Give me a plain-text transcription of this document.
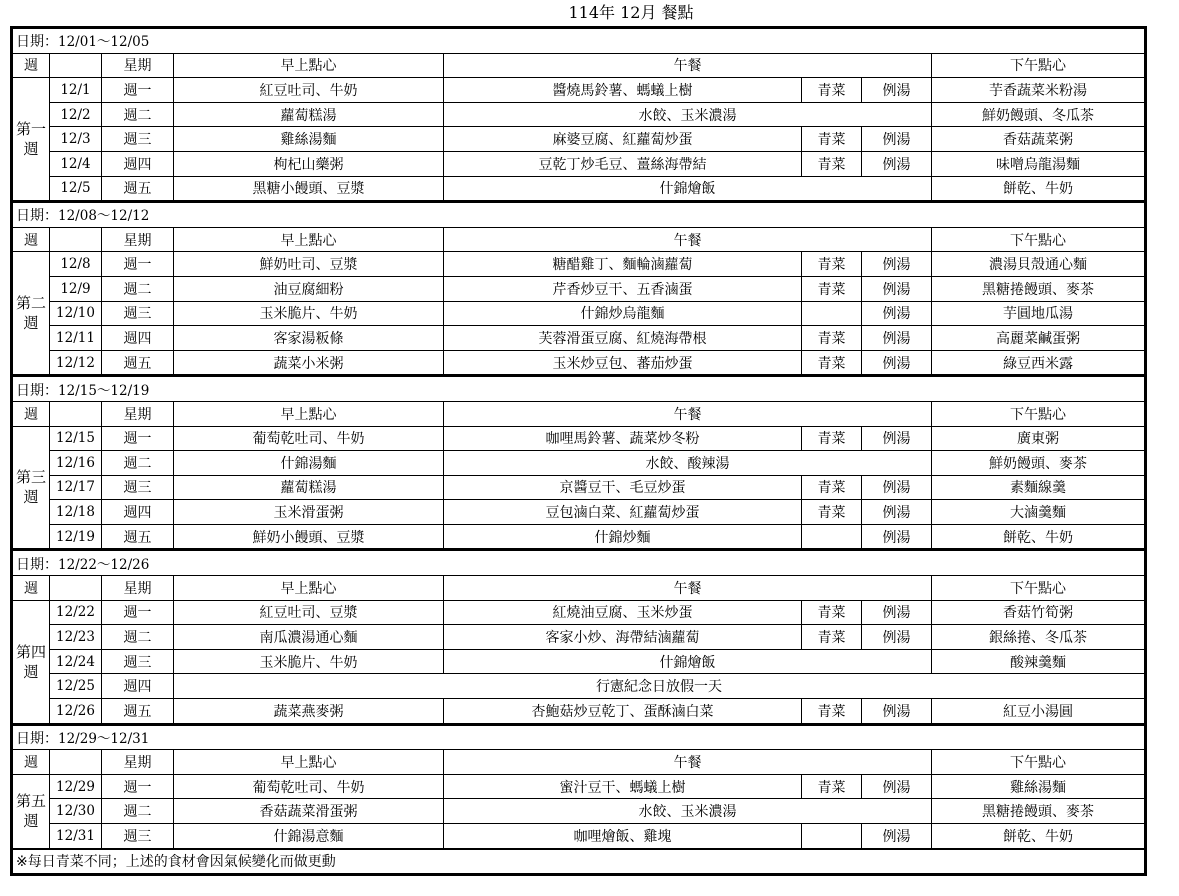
114年 12月 餐點
日期：12/01～12/05							
週		星期	早上點心	午餐			下午點心
第一週	12/1	週一	紅豆吐司、牛奶	醬燒馬鈴薯、螞蟻上樹	青菜	例湯	芋香蔬菜米粉湯
	12/2	週二	蘿蔔糕湯	水餃、玉米濃湯			鮮奶饅頭、冬瓜茶
	12/3	週三	雞絲湯麵	麻婆豆腐、紅蘿蔔炒蛋	青菜	例湯	香菇蔬菜粥
	12/4	週四	枸杞山藥粥	豆乾丁炒毛豆、薑絲海帶結	青菜	例湯	味噌烏龍湯麵
	12/5	週五	黑糖小饅頭、豆漿	什錦燴飯			餅乾、牛奶
日期：12/08～12/12							
週		星期	早上點心	午餐			下午點心
第二週	12/8	週一	鮮奶吐司、豆漿	糖醋雞丁、麵輪滷蘿蔔	青菜	例湯	濃湯貝殼通心麵
	12/9	週二	油豆腐細粉	芹香炒豆干、五香滷蛋	青菜	例湯	黑糖捲饅頭、麥茶
	12/10	週三	玉米脆片、牛奶	什錦炒烏龍麵		例湯	芋圓地瓜湯
	12/11	週四	客家湯粄條	芙蓉滑蛋豆腐、紅燒海帶根	青菜	例湯	高麗菜鹹蛋粥
	12/12	週五	蔬菜小米粥	玉米炒豆包、蕃茄炒蛋	青菜	例湯	綠豆西米露
日期：12/15～12/19							
週		星期	早上點心	午餐			下午點心
第三週	12/15	週一	葡萄乾吐司、牛奶	咖哩馬鈴薯、蔬菜炒冬粉	青菜	例湯	廣東粥
	12/16	週二	什錦湯麵	水餃、酸辣湯			鮮奶饅頭、麥茶
	12/17	週三	蘿蔔糕湯	京醬豆干、毛豆炒蛋	青菜	例湯	素麵線羹
	12/18	週四	玉米滑蛋粥	豆包滷白菜、紅蘿蔔炒蛋	青菜	例湯	大滷羹麵
	12/19	週五	鮮奶小饅頭、豆漿	什錦炒麵		例湯	餅乾、牛奶
日期：12/22～12/26							
週		星期	早上點心	午餐			下午點心
第四週	12/22	週一	紅豆吐司、豆漿	紅燒油豆腐、玉米炒蛋	青菜	例湯	香菇竹筍粥
	12/23	週二	南瓜濃湯通心麵	客家小炒、海帶結滷蘿蔔	青菜	例湯	銀絲捲、冬瓜茶
	12/24	週三	玉米脆片、牛奶	什錦燴飯			酸辣羹麵
	12/25	週四	行憲紀念日放假一天				
	12/26	週五	蔬菜燕麥粥	杏鮑菇炒豆乾丁、蛋酥滷白菜	青菜	例湯	紅豆小湯圓
日期：12/29～12/31							
週		星期	早上點心	午餐			下午點心
第五週	12/29	週一	葡萄乾吐司、牛奶	蜜汁豆干、螞蟻上樹	青菜	例湯	雞絲湯麵
	12/30	週二	香菇蔬菜滑蛋粥	水餃、玉米濃湯			黑糖捲饅頭、麥茶
	12/31	週三	什錦湯意麵	咖哩燴飯、雞塊		例湯	餅乾、牛奶
※每日青菜不同；上述的食材會因氣候變化而做更動							
